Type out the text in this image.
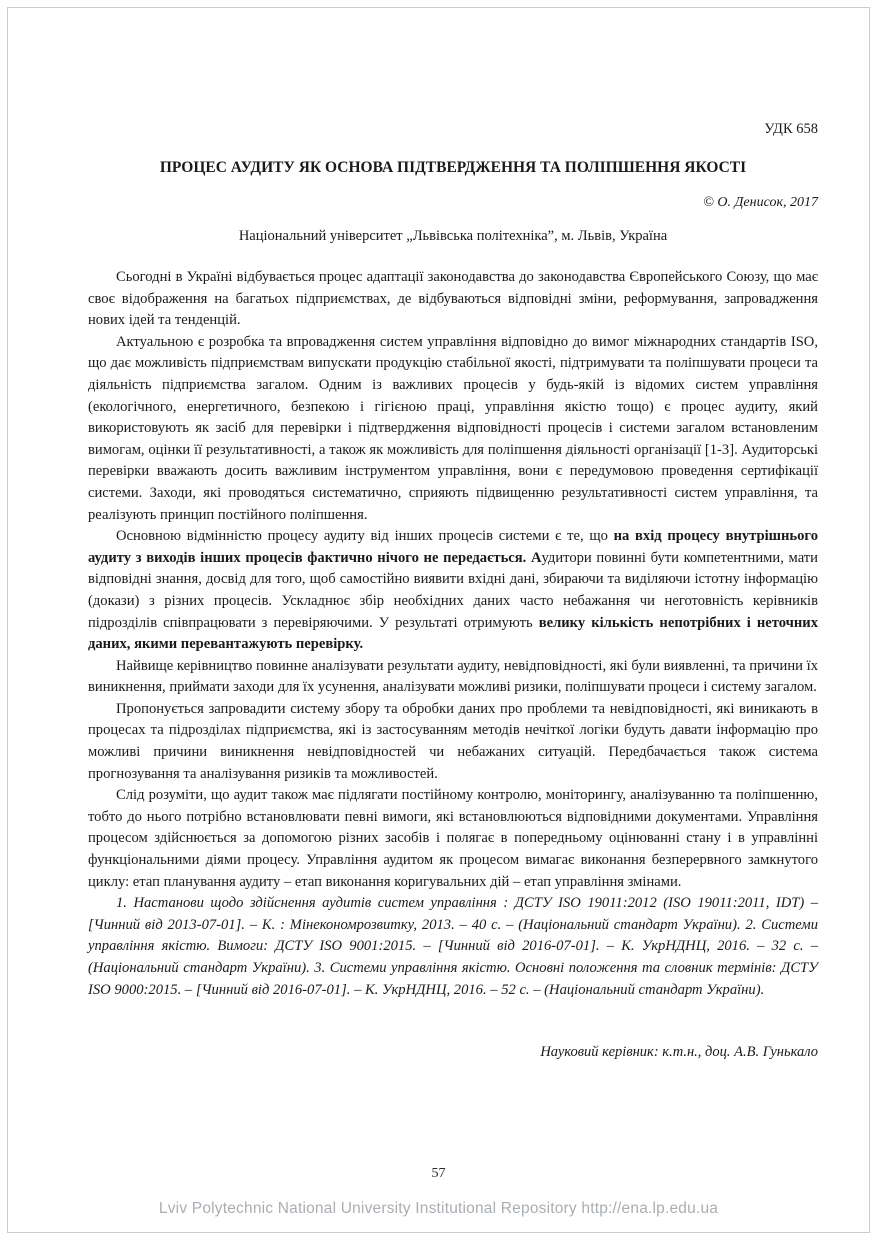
УДК 658
ПРОЦЕС АУДИТУ ЯК ОСНОВА ПІДТВЕРДЖЕННЯ ТА ПОЛІПШЕННЯ ЯКОСТІ
© О. Денисок, 2017
Національний університет „Львівська політехніка”, м. Львів, Україна

Сьогодні в Україні відбувається процес адаптації законодавства до законодавства Європейського Союзу, що має своє відображення на багатьох підприємствах, де відбуваються відповідні зміни, реформування, запровадження нових ідей та тенденцій.

Актуальною є розробка та впровадження систем управління відповідно до вимог міжнародних стандартів ISO, що дає можливість підприємствам випускати продукцію стабільної якості, підтримувати та поліпшувати процеси та діяльність підприємства загалом. Одним із важливих процесів у будь-якій із відомих систем управління (екологічного, енергетичного, безпекою і гігієною праці, управління якістю тощо) є процес аудиту, який використовують як засіб для перевірки і підтвердження відповідності процесів і системи загалом встановленим вимогам, оцінки її результативності, а також як можливість для поліпшення діяльності організації [1-3]. Аудиторські перевірки вважають досить важливим інструментом управління, вони є передумовою проведення сертифікації системи. Заходи, які проводяться систематично, сприяють підвищенню результативності систем управління, та реалізують принцип постійного поліпшення.

Основною відмінністю процесу аудиту від інших процесів системи є те, що на вхід процесу внутрішнього аудиту з виходів інших процесів фактично нічого не передається. Аудитори повинні бути компетентними, мати відповідні знання, досвід для того, щоб самостійно виявити вхідні дані, збираючи та виділяючи істотну інформацію (докази) з різних процесів. Ускладнює збір необхідних даних часто небажання чи неготовність керівників підрозділів співпрацювати з перевіряючими. У результаті отримують велику кількість непотрібних і неточних даних, якими перевантажують перевірку.

Найвище керівництво повинне аналізувати результати аудиту, невідповідності, які були виявленні, та причини їх виникнення, приймати заходи для їх усунення, аналізувати можливі ризики, поліпшувати процеси і систему загалом.

Пропонується запровадити систему збору та обробки даних про проблеми та невідповідності, які виникають в процесах та підрозділах підприємства, які із застосуванням методів нечіткої логіки будуть давати інформацію про можливі причини виникнення невідповідностей чи небажаних ситуацій. Передбачається також система прогнозування та аналізування ризиків та можливостей.

Слід розуміти, що аудит також має підлягати постійному контролю, моніторингу, аналізуванню та поліпшенню, тобто до нього потрібно встановлювати певні вимоги, які встановлюються відповідними документами. Управління процесом здійснюється за допомогою різних засобів і полягає в попередньому оцінюванні стану і в управлінні функціональними діями процесу. Управління аудитом як процесом вимагає виконання безперервного замкнутого циклу: етап планування аудиту – етап виконання коригувальних дій – етап управління змінами.

1. Настанови щодо здійснення аудитів систем управління : ДСТУ ISO 19011:2012 (ISO 19011:2011, IDT) – [Чинний від 2013-07-01]. – К. : Мінекономрозвитку, 2013. – 40 с. – (Національний стандарт України). 2. Системи управління якістю. Вимоги: ДСТУ ISO 9001:2015. – [Чинний від 2016-07-01]. – К. УкрНДНЦ, 2016. – 32 с. – (Національний стандарт України). 3. Системи управління якістю. Основні положення та словник термінів: ДСТУ ISO 9000:2015. – [Чинний від 2016-07-01]. – К. УкрНДНЦ, 2016. – 52 с. – (Національний стандарт України).

Науковий керівник: к.т.н., доц. А.В. Гунькало
57
Lviv Polytechnic National University Institutional Repository http://ena.lp.edu.ua
